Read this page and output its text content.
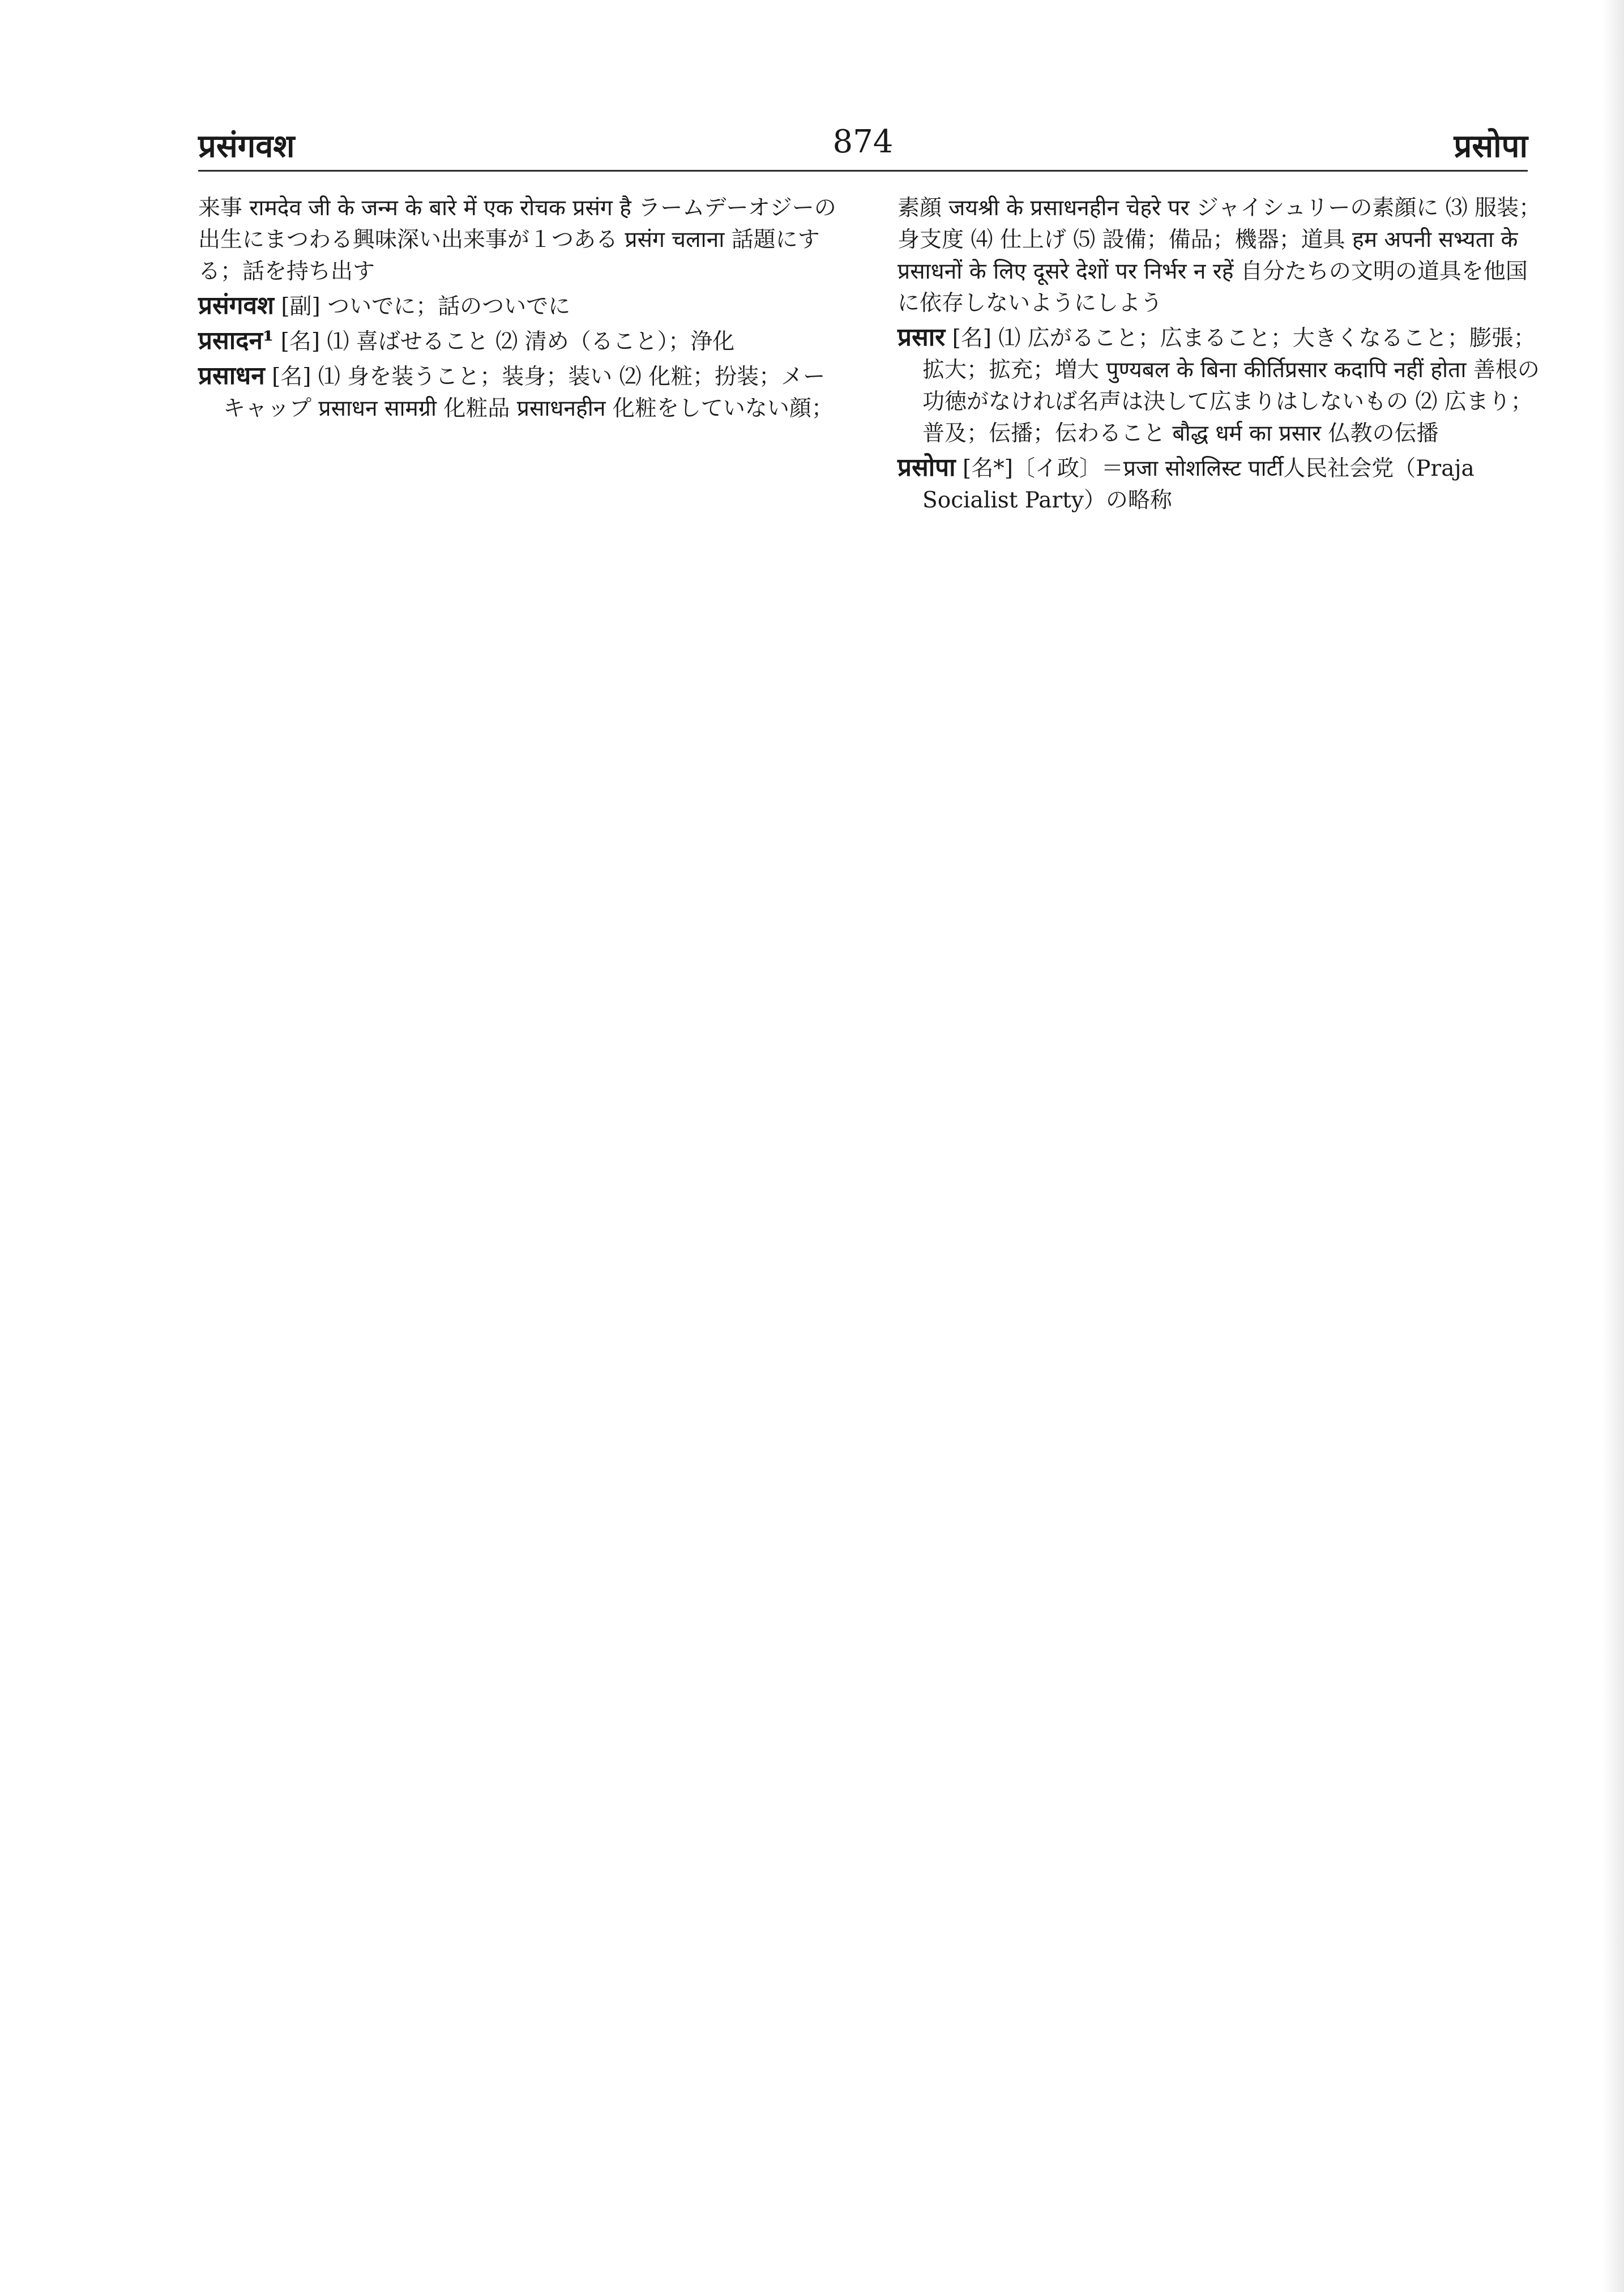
प्रसंगवश	874	प्रसोपा
来事 रामदेव जी के जन्म के बारे में एक रोचक प्रसंग है ラームデーオジーの出生にまつわる興味深い出来事が１つある प्रसंग चलाना 話題にする；話を持ち出す
प्रसंगवश [副] ついでに；話のついでに
प्रसादन¹ [名] ⑴ 喜ばせること ⑵ 清め（ること）；浄化
प्रसाधन [名] ⑴ 身を装うこと；装身；装い ⑵ 化粧；扮装；メーキャップ प्रसाधन सामग्री 化粧品 प्रसाधनहीन 化粧をしていない顔；
素顔 जयश्री के प्रसाधनहीन चेहरे पर ジャイシュリーの素顔に ⑶ 服装；身支度 ⑷ 仕上げ ⑸ 設備；備品；機器；道具 हम अपनी सभ्यता के प्रसाधनों के लिए दूसरे देशों पर निर्भर न रहें 自分たちの文明の道具を他国に依存しないようにしよう
प्रसार [名] ⑴ 広がること；広まること；大きくなること；膨張；拡大；拡充；増大 पुण्यबल के बिना कीर्तिप्रसार कदापि नहीं होता 善根の功徳がなければ名声は決して広まりはしないもの ⑵ 広まり；普及；伝播；伝わること बौद्ध धर्म का प्रसार 仏教の伝播
प्रसोपा [名*]〔イ政〕＝प्रजा सोशलिस्ट पार्टी人民社会党（Praja Socialist Party）の略称
